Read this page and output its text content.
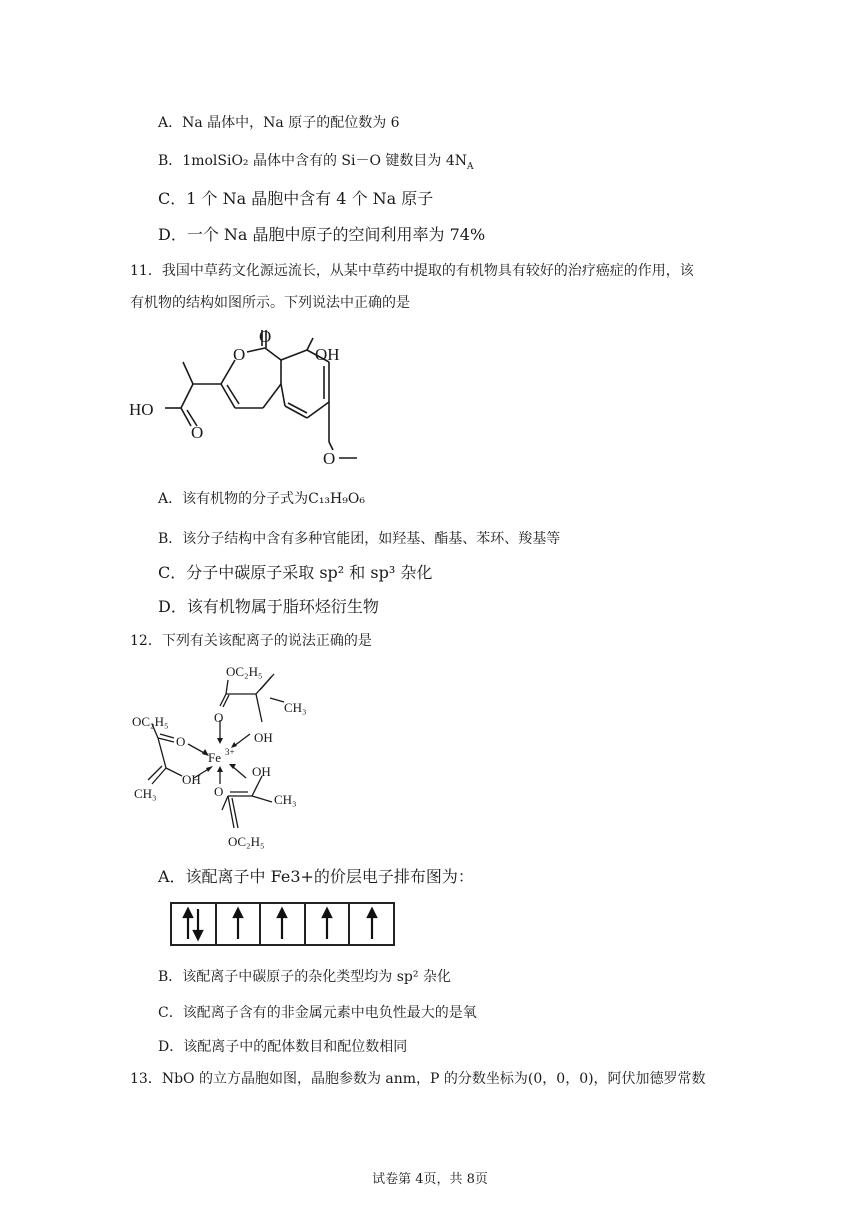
A．Na 晶体中，Na 原子的配位数为 6
B．1molSiO₂ 晶体中含有的 Si－O 键数目为 $4N_A$
C．1 个 Na 晶胞中含有 4 个 Na 原子
D．一个 Na 晶胞中原子的空间利用率为 74%
11．我国中草药文化源远流长，从某中草药中提取的有机物具有较好的治疗癌症的作用，该
有机物的结构如图所示。下列说法中正确的是
O
OH
O
HO
O
O
A．该有机物的分子式为C₁₃H₉O₆
B．该分子结构中含有多种官能团，如羟基、酯基、苯环、羧基等
C．分子中碳原子采取 sp² 和 sp³ 杂化
D．该有机物属于脂环烃衍生物
12．下列有关该配离子的说法正确的是
OC₂H₅
CH₃
O
OH
OC₂H₅
O
Fe 3+
CH₃
OH
OH
O
CH₃
OC₂H₅
A．该配离子中 Fe3+的价层电子排布图为：
B．该配离子中碳原子的杂化类型均为 sp² 杂化
C．该配离子含有的非金属元素中电负性最大的是氧
D．该配离子中的配体数目和配位数相同
13．NbO 的立方晶胞如图，晶胞参数为 anm，P 的分数坐标为(0，0，0)，阿伏加德罗常数
试卷第 4页，共 8页
